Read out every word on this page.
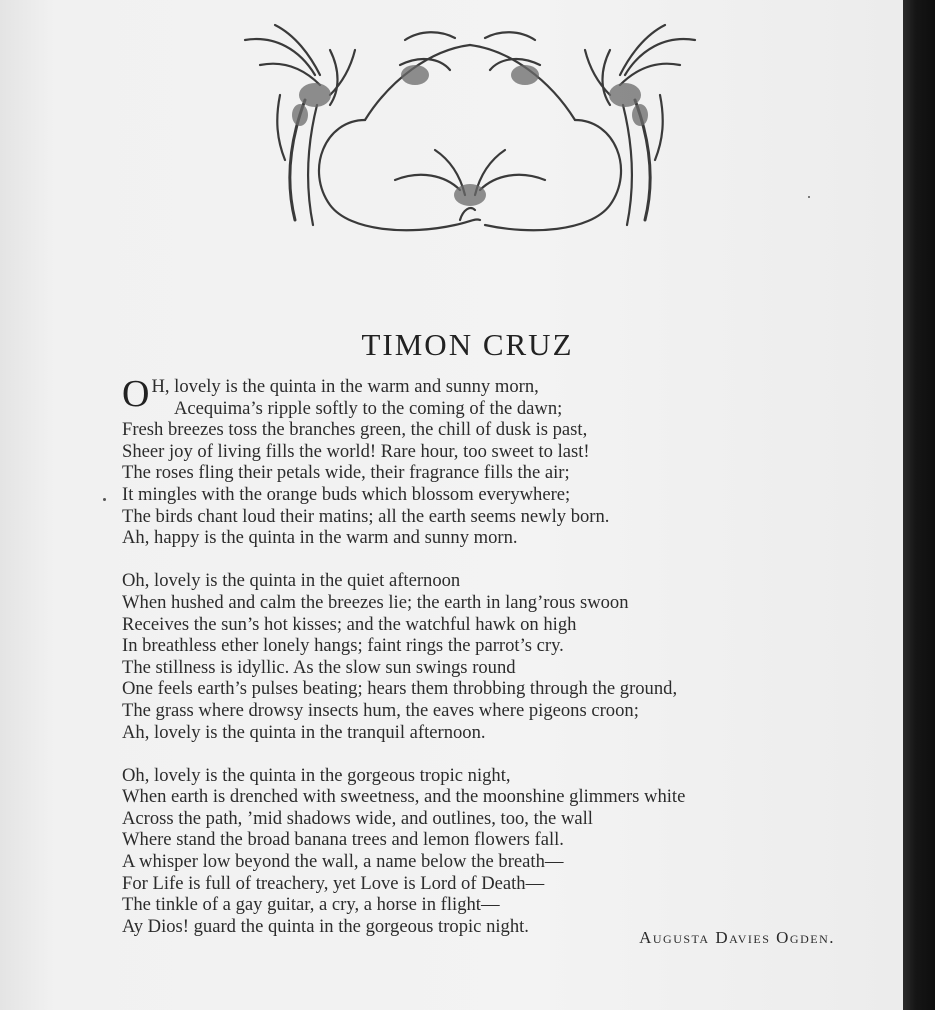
TIMON CRUZ
O H, lovely is the quinta in the warm and sunny morn,
Acequima’s ripple softly to the coming of the dawn;
Fresh breezes toss the branches green, the chill of dusk is past,
Sheer joy of living fills the world! Rare hour, too sweet to last!
The roses fling their petals wide, their fragrance fills the air;
It mingles with the orange buds which blossom everywhere;
The birds chant loud their matins; all the earth seems newly born.
Ah, happy is the quinta in the warm and sunny morn.
Oh, lovely is the quinta in the quiet afternoon
When hushed and calm the breezes lie; the earth in lang’rous swoon
Receives the sun’s hot kisses; and the watchful hawk on high
In breathless ether lonely hangs; faint rings the parrot’s cry.
The stillness is idyllic. As the slow sun swings round
One feels earth’s pulses beating; hears them throbbing through the ground,
The grass where drowsy insects hum, the eaves where pigeons croon;
Ah, lovely is the quinta in the tranquil afternoon.
Oh, lovely is the quinta in the gorgeous tropic night,
When earth is drenched with sweetness, and the moonshine glimmers white
Across the path, ’mid shadows wide, and outlines, too, the wall
Where stand the broad banana trees and lemon flowers fall.
A whisper low beyond the wall, a name below the breath—
For Life is full of treachery, yet Love is Lord of Death—
The tinkle of a gay guitar, a cry, a horse in flight—
Ay Dios! guard the quinta in the gorgeous tropic night.
Augusta Davies Ogden.
